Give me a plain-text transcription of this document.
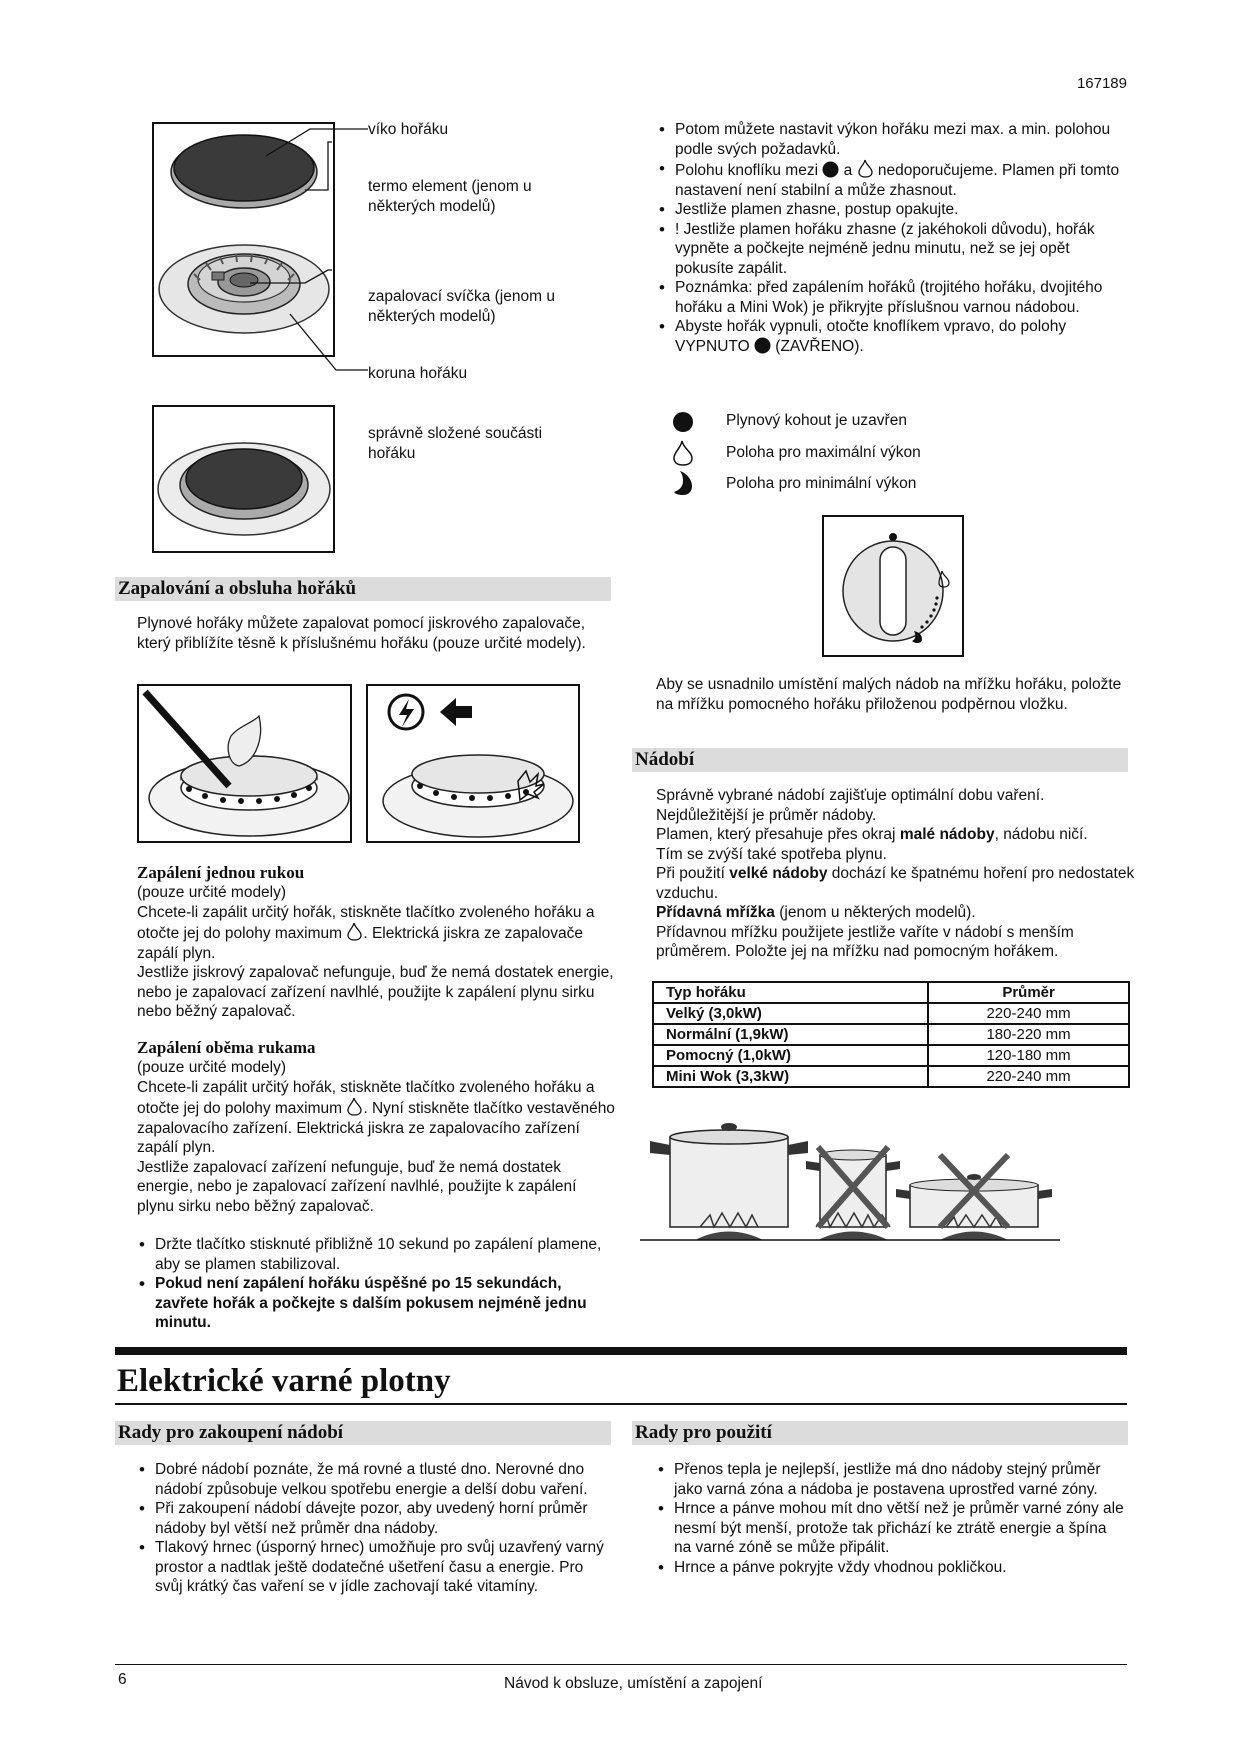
167189
víko hořáku
termo element (jenom u některých modelů)
zapalovací svíčka (jenom u některých modelů)
koruna hořáku
správně složené součásti hořáku
• Potom můžete nastavit výkon hořáku mezi max. a min. polohou podle svých požadavků.
• Polohu knoflíku mezi a nedoporučujeme. Plamen při tomto nastavení není stabilní a může zhasnout.
• Jestliže plamen zhasne, postup opakujte.
• ! Jestliže plamen hořáku zhasne (z jakéhokoli důvodu), hořák vypněte a počkejte nejméně jednu minutu, než se jej opět pokusíte zapálit.
• Poznámka: před zapálením hořáků (trojitého hořáku, dvojitého hořáku a Mini Wok) je přikryjte příslušnou varnou nádobou.
• Abyste hořák vypnuli, otočte knoflíkem vpravo, do polohy VYPNUTO (ZAVŘENO).
Plynový kohout je uzavřen
Poloha pro maximální výkon
Poloha pro minimální výkon
Zapalování a obsluha hořáků
Plynové hořáky můžete zapalovat pomocí jiskrového zapalovače, který přiblížíte těsně k příslušnému hořáku (pouze určité modely).
Zapálení jednou rukou

(pouze určité modely)

Chcete-li zapálit určitý hořák, stiskněte tlačítko zvoleného hořáku a otočte jej do polohy maximum . Elektrická jiskra ze zapalovače zapálí plyn.

Jestliže jiskrový zapalovač nefunguje, buď že nemá dostatek energie, nebo je zapalovací zařízení navlhlé, použijte k zapálení plynu sirku nebo běžný zapalovač.

Zapálení oběma rukama

(pouze určité modely)

Chcete-li zapálit určitý hořák, stiskněte tlačítko zvoleného hořáku a otočte jej do polohy maximum . Nyní stiskněte tlačítko vestavěného zapalovacího zařízení. Elektrická jiskra ze zapalovacího zařízení zapálí plyn.

Jestliže zapalovací zařízení nefunguje, buď že nemá dostatek energie, nebo je zapalovací zařízení navlhlé, použijte k zapálení plynu sirku nebo běžný zapalovač.

• Držte tlačítko stisknuté přibližně 10 sekund po zapálení plamene, aby se plamen stabilizoval.
• Pokud není zapálení hořáku úspěšné po 15 sekundách, zavřete hořák a počkejte s dalším pokusem nejméně jednu minutu.
Aby se usnadnilo umístění malých nádob na mřížku hořáku, položte na mřížku pomocného hořáku přiloženou podpěrnou vložku.
Nádobí

Správně vybrané nádobí zajišťuje optimální dobu vaření.

Nejdůležitější je průměr nádoby.

Plamen, který přesahuje přes okraj malé nádoby, nádobu ničí.

Tím se zvýší také spotřeba plynu.

Při použití velké nádoby dochází ke špatnému hoření pro nedostatek vzduchu.

Přídavná mřížka (jenom u některých modelů).

Přídavnou mřížku použijete jestliže vaříte v nádobí s menším průměrem. Položte jej na mřížku nad pomocným hořákem.

Typ hořáku	Průměr
Velký (3,0kW)	220-240 mm
Normální (1,9kW)	180-220 mm
Pomocný (1,0kW)	120-180 mm
Mini Wok (3,3kW)	220-240 mm
Elektrické varné plotny
Rady pro zakoupení nádobí
• Dobré nádobí poznáte, že má rovné a tlusté dno. Nerovné dno nádobí způsobuje velkou spotřebu energie a delší dobu vaření.
• Při zakoupení nádobí dávejte pozor, aby uvedený horní průměr nádoby byl větší než průměr dna nádoby.
• Tlakový hrnec (úsporný hrnec) umožňuje pro svůj uzavřený varný prostor a nadtlak ještě dodatečné ušetření času a energie. Pro svůj krátký čas vaření se v jídle zachovají také vitamíny.
Rady pro použití
• Přenos tepla je nejlepší, jestliže má dno nádoby stejný průměr jako varná zóna a nádoba je postavena uprostřed varné zóny.
• Hrnce a pánve mohou mít dno větší než je průměr varné zóny ale nesmí být menší, protože tak přichází ke ztrátě energie a špína na varné zóně se může připálit.
• Hrnce a pánve pokryjte vždy vhodnou pokličkou.
6	Návod k obsluze, umístění a zapojení
